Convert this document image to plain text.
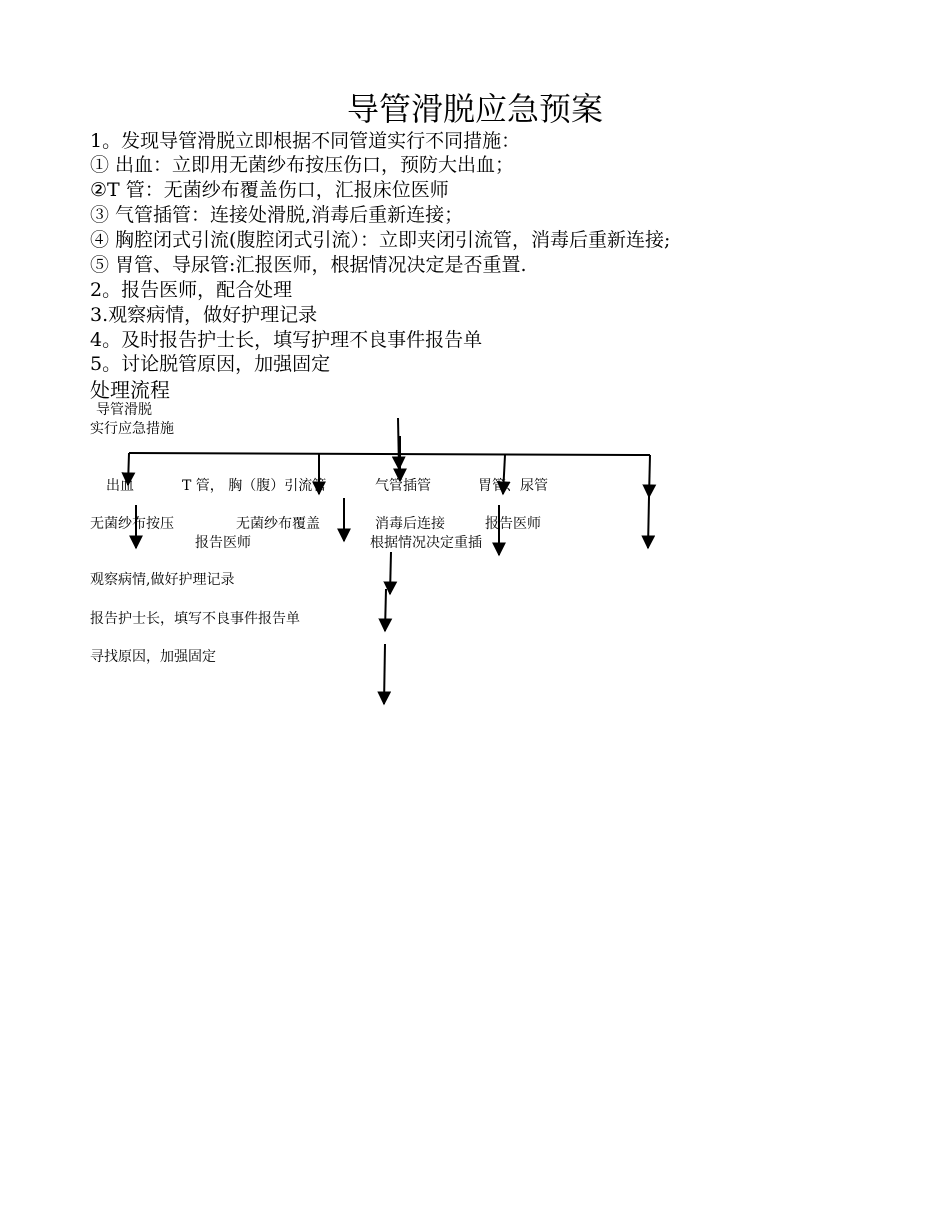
导管滑脱应急预案
1。发现导管滑脱立即根据不同管道实行不同措施：
① 出血：立即用无菌纱布按压伤口，预防大出血；
②T 管：无菌纱布覆盖伤口，汇报床位医师
③ 气管插管：连接处滑脱,消毒后重新连接；
④ 胸腔闭式引流(腹腔闭式引流）：立即夹闭引流管，消毒后重新连接;
⑤ 胃管、导尿管:汇报医师，根据情况决定是否重置.
2。报告医师，配合处理
3.观察病情，做好护理记录
4。及时报告护士长，填写护理不良事件报告单
5。讨论脱管原因，加强固定
处理流程
导管滑脱
实行应急措施
出血	T 管， 胸（腹）引流管	气管插管	胃管、尿管
无菌纱布按压	无菌纱布覆盖
报告医师
消毒后连接	报告医师
根据情况决定重插
观察病情,做好护理记录
报告护士长，填写不良事件报告单
寻找原因，加强固定
